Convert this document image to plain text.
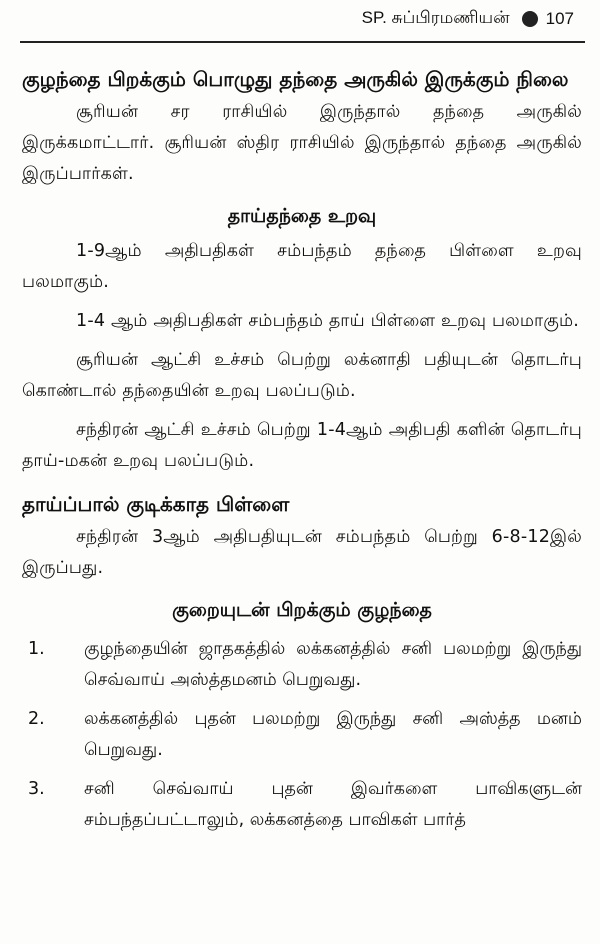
SP. சுப்பிரமணியன் 107
குழந்தை பிறக்கும் பொழுது தந்தை அருகில் இருக்கும் நிலை

சூரியன் சர ராசியில் இருந்தால் தந்தை அருகில் இருக்கமாட்டார். சூரியன் ஸ்திர ராசியில் இருந்தால் தந்தை அருகில் இருப்பார்கள்.

தாய்தந்தை உறவு

1-9ஆம் அதிபதிகள் சம்பந்தம் தந்தை பிள்ளை உறவு பலமாகும்.

1-4 ஆம் அதிபதிகள் சம்பந்தம் தாய் பிள்ளை உறவு பலமாகும்.

சூரியன் ஆட்சி உச்சம் பெற்று லக்னாதி பதியுடன் தொடர்பு கொண்டால் தந்தையின் உறவு பலப்படும்.

சந்திரன் ஆட்சி உச்சம் பெற்று 1-4ஆம் அதிபதி களின் தொடர்பு தாய்-மகன் உறவு பலப்படும்.

தாய்ப்பால் குடிக்காத பிள்ளை

சந்திரன் 3ஆம் அதிபதியுடன் சம்பந்தம் பெற்று 6-8-12இல் இருப்பது.

குறையுடன் பிறக்கும் குழந்தை
1.	குழந்தையின் ஜாதகத்தில் லக்கனத்தில் சனி பலமற்று இருந்து செவ்வாய் அஸ்த்தமனம் பெறுவது.
2.	லக்கனத்தில் புதன் பலமற்று இருந்து சனி அஸ்த்த மனம் பெறுவது.
3.	சனி செவ்வாய் புதன் இவர்களை பாவிகளுடன் சம்பந்தப்பட்டாலும், லக்கனத்தை பாவிகள் பார்த்
